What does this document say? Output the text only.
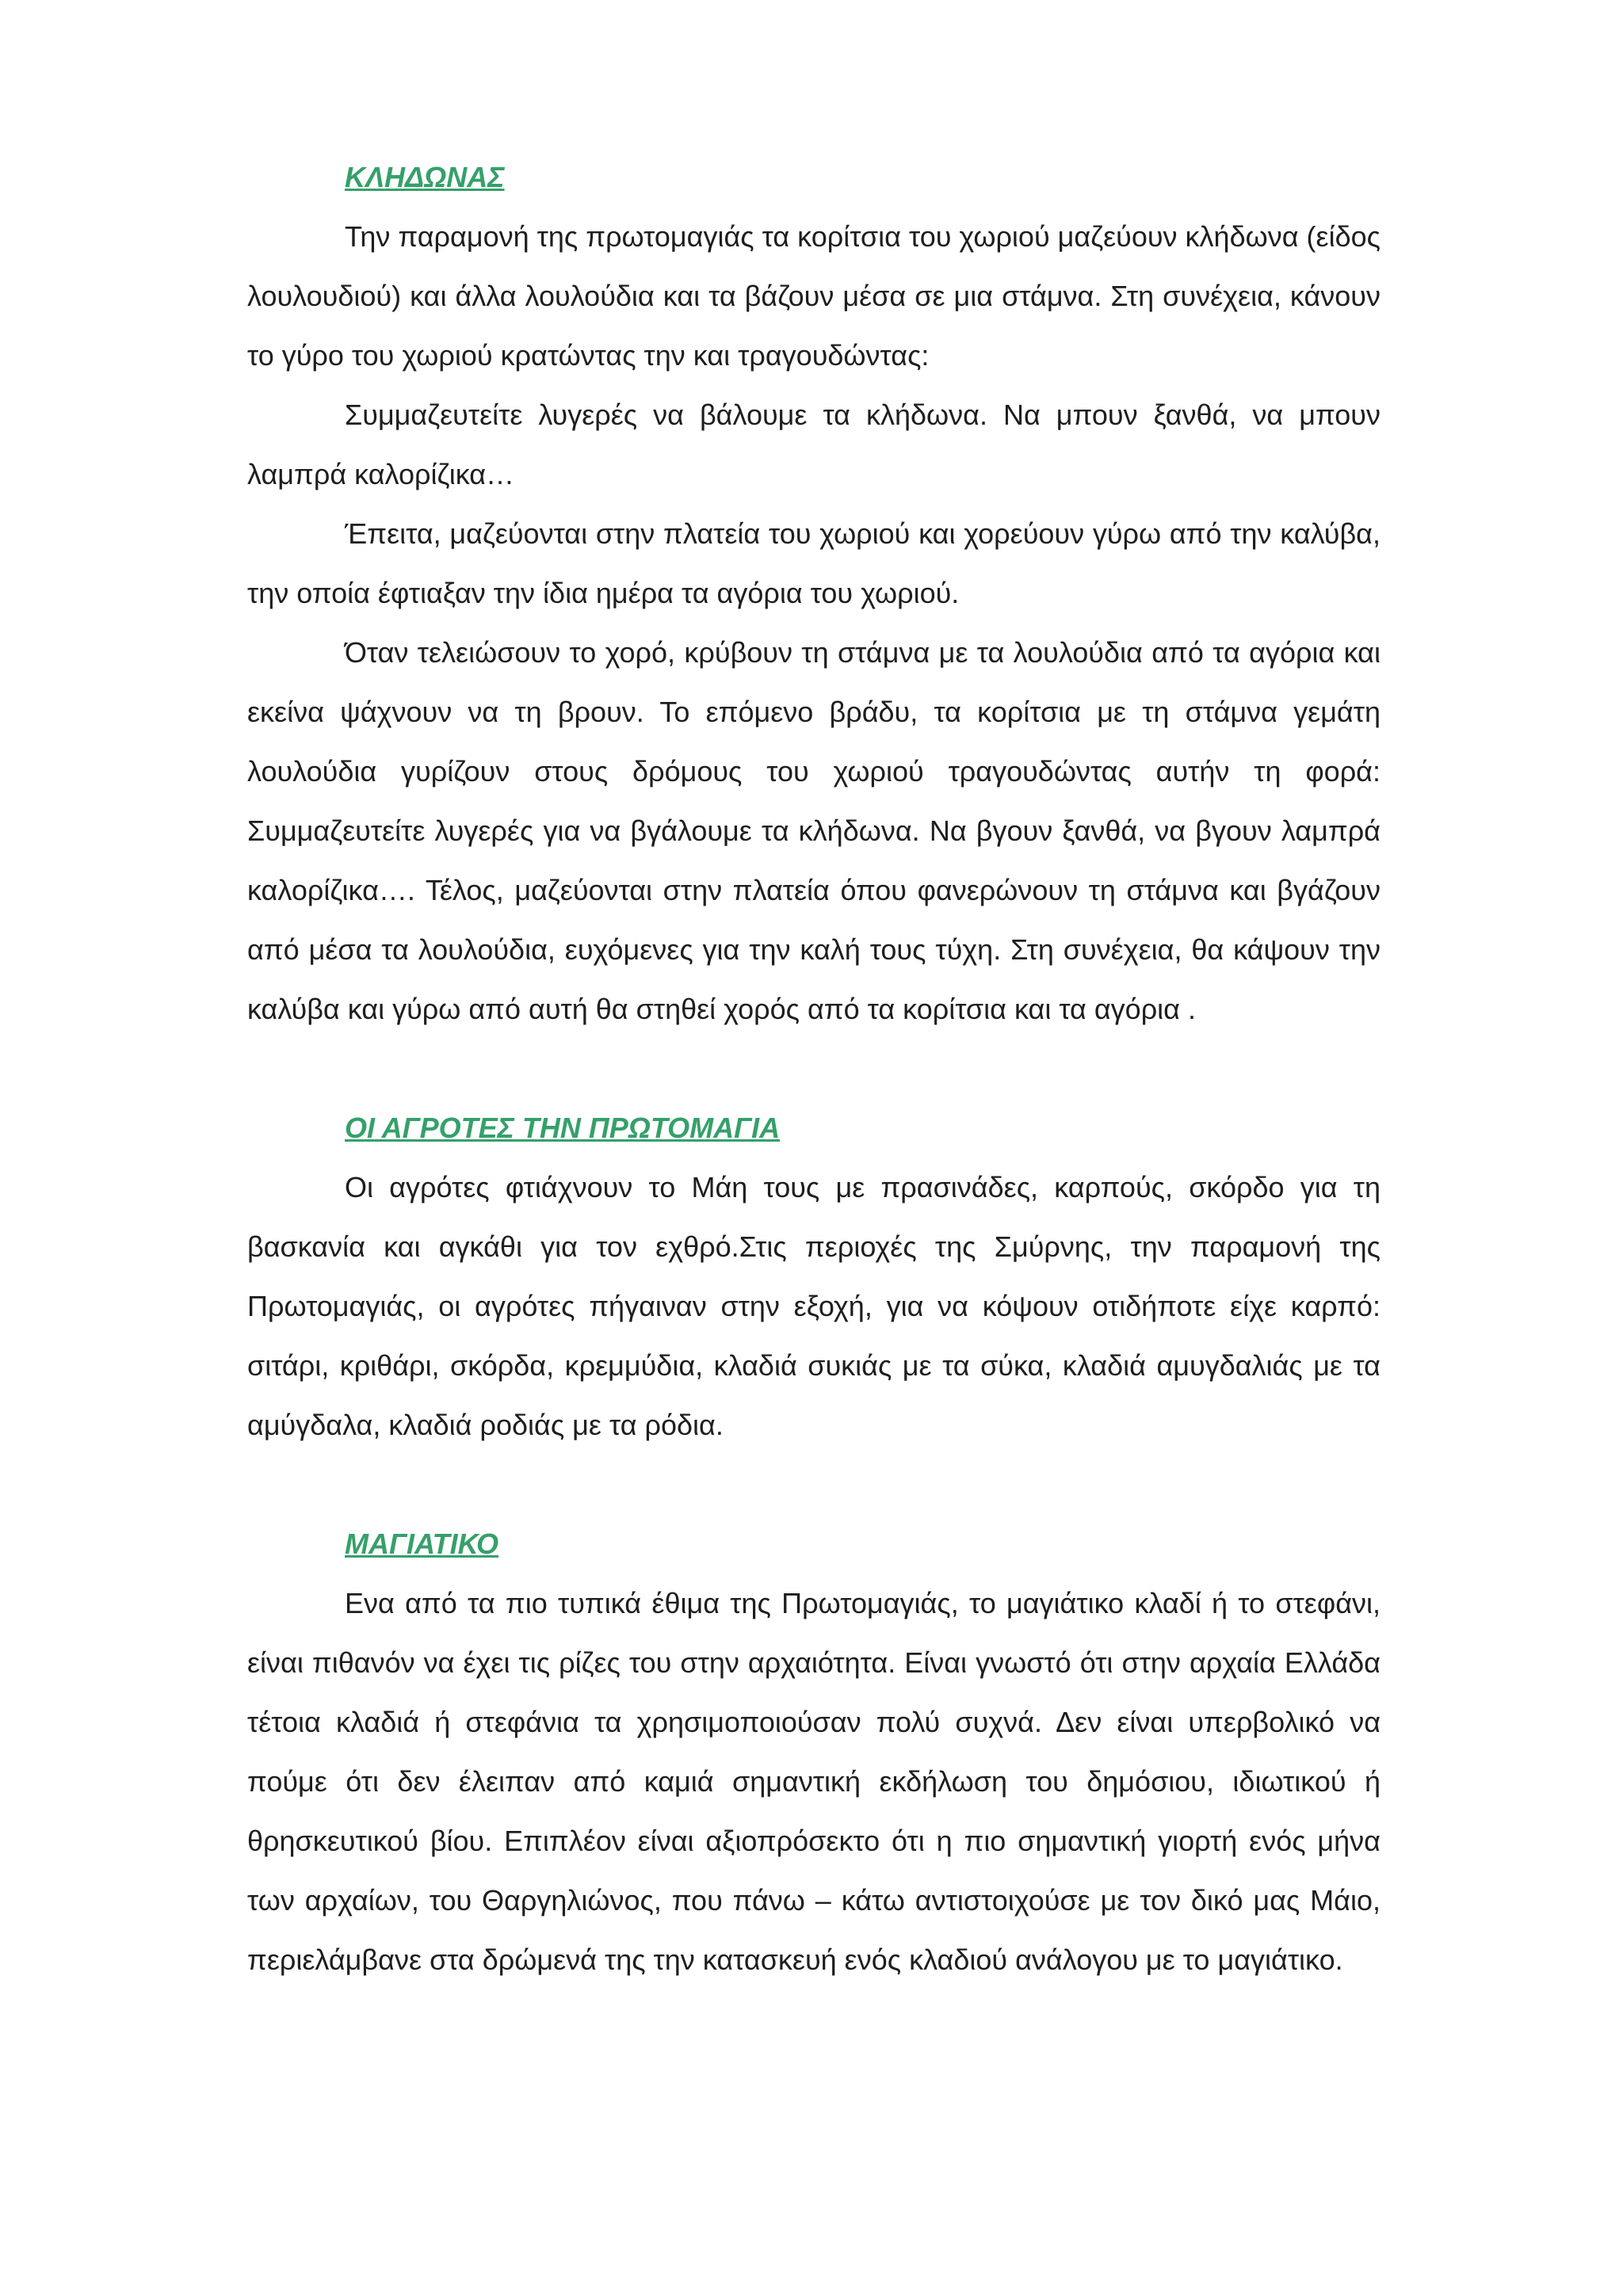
ΚΛΗΔΩΝΑΣ

Την παραμονή της πρωτομαγιάς τα κορίτσια του χωριού μαζεύουν κλήδωνα (είδος λουλουδιού) και άλλα λουλούδια και τα βάζουν μέσα σε μια στάμνα. Στη συνέχεια, κάνουν το γύρο του χωριού κρατώντας την και τραγουδώντας:

Συμμαζευτείτε λυγερές να βάλουμε τα κλήδωνα. Να μπουν ξανθά, να μπουν λαμπρά καλορίζικα…

Έπειτα, μαζεύονται στην πλατεία του χωριού και χορεύουν γύρω από την καλύβα, την οποία έφτιαξαν την ίδια ημέρα τα αγόρια του χωριού.

Όταν τελειώσουν το χορό, κρύβουν τη στάμνα με τα λουλούδια από τα αγόρια και εκείνα ψάχνουν να τη βρουν. Το επόμενο βράδυ, τα κορίτσια με τη στάμνα γεμάτη λουλούδια γυρίζουν στους δρόμους του χωριού τραγουδώντας αυτήν τη φορά: Συμμαζευτείτε λυγερές για να βγάλουμε τα κλήδωνα. Να βγουν ξανθά, να βγουν λαμπρά καλορίζικα…. Τέλος, μαζεύονται στην πλατεία όπου φανερώνουν τη στάμνα και βγάζουν από μέσα τα λουλούδια, ευχόμενες για την καλή τους τύχη. Στη συνέχεια, θα κάψουν την καλύβα και γύρω από αυτή θα στηθεί χορός από τα κορίτσια και τα αγόρια .

ΟΙ ΑΓΡΟΤΕΣ ΤΗΝ ΠΡΩΤΟΜΑΓΙΑ

Οι αγρότες φτιάχνουν το Μάη τους με πρασινάδες, καρπούς, σκόρδο για τη βασκανία και αγκάθι για τον εχθρό.Στις περιοχές της Σμύρνης, την παραμονή της Πρωτομαγιάς, οι αγρότες πήγαιναν στην εξοχή, για να κόψουν οτιδήποτε είχε καρπό: σιτάρι, κριθάρι, σκόρδα, κρεμμύδια, κλαδιά συκιάς με τα σύκα, κλαδιά αμυγδαλιάς με τα αμύγδαλα, κλαδιά ροδιάς με τα ρόδια.

ΜΑΓΙΑΤΙΚΟ

Ενα από τα πιο τυπικά έθιμα της Πρωτομαγιάς, το μαγιάτικο κλαδί ή το στεφάνι, είναι πιθανόν να έχει τις ρίζες του στην αρχαιότητα. Είναι γνωστό ότι στην αρχαία Ελλάδα τέτοια κλαδιά ή στεφάνια τα χρησιμοποιούσαν πολύ συχνά. Δεν είναι υπερβολικό να πούμε ότι δεν έλειπαν από καμιά σημαντική εκδήλωση του δημόσιου, ιδιωτικού ή θρησκευτικού βίου. Επιπλέον είναι αξιοπρόσεκτο ότι η πιο σημαντική γιορτή ενός μήνα των αρχαίων, του Θαργηλιώνος, που πάνω – κάτω αντιστοιχούσε με τον δικό μας Μάιο, περιελάμβανε στα δρώμενά της την κατασκευή ενός κλαδιού ανάλογου με το μαγιάτικο.
